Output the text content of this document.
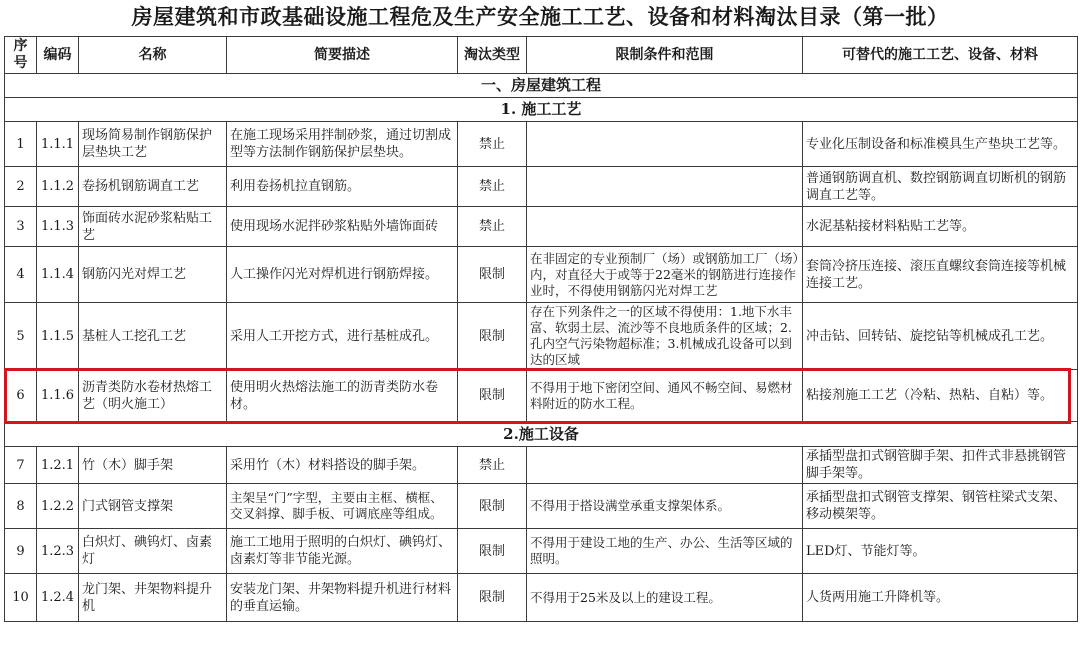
房屋建筑和市政基础设施工程危及生产安全施工工艺、设备和材料淘汰目录（第一批）
序号	编码	名称	简要描述	淘汰类型	限制条件和范围	可替代的施工工艺、设备、材料
一、房屋建筑工程						
1. 施工工艺						
1	1.1.1	现场简易制作钢筋保护层垫块工艺	在施工现场采用拌制砂浆，通过切割成型等方法制作钢筋保护层垫块。	禁止		专业化压制设备和标准模具生产垫块工艺等。
2	1.1.2	卷扬机钢筋调直工艺	利用卷扬机拉直钢筋。	禁止		普通钢筋调直机、数控钢筋调直切断机的钢筋调直工艺等。
3	1.1.3	饰面砖水泥砂浆粘贴工艺	使用现场水泥拌砂浆粘贴外墙饰面砖	禁止		水泥基粘接材料粘贴工艺等。
4	1.1.4	钢筋闪光对焊工艺	人工操作闪光对焊机进行钢筋焊接。	限制	在非固定的专业预制厂（场）或钢筋加工厂（场）内，对直径大于或等于22毫米的钢筋进行连接作业时，不得使用钢筋闪光对焊工艺	套筒冷挤压连接、滚压直螺纹套筒连接等机械连接工艺。
5	1.1.5	基桩人工挖孔工艺	采用人工开挖方式，进行基桩成孔。	限制	存在下列条件之一的区域不得使用：1.地下水丰富、软弱土层、流沙等不良地质条件的区域；2.孔内空气污染物超标准；3.机械成孔设备可以到达的区域	冲击钻、回转钻、旋挖钻等机械成孔工艺。
6	1.1.6	沥青类防水卷材热熔工艺（明火施工）	使用明火热熔法施工的沥青类防水卷材。	限制	不得用于地下密闭空间、通风不畅空间、易燃材料附近的防水工程。	粘接剂施工工艺（冷粘、热粘、自粘）等。
2.施工设备						
7	1.2.1	竹（木）脚手架	采用竹（木）材料搭设的脚手架。	禁止		承插型盘扣式钢管脚手架、扣件式非悬挑钢管脚手架等。
8	1.2.2	门式钢管支撑架	主架呈“门”字型，主要由主框、横框、交叉斜撑、脚手板、可调底座等组成。	限制	不得用于搭设满堂承重支撑架体系。	承插型盘扣式钢管支撑架、钢管柱梁式支架、移动模架等。
9	1.2.3	白炽灯、碘钨灯、卤素灯	施工工地用于照明的白炽灯、碘钨灯、卤素灯等非节能光源。	限制	不得用于建设工地的生产、办公、生活等区域的照明。	LED灯、节能灯等。
10	1.2.4	龙门架、井架物料提升机	安装龙门架、井架物料提升机进行材料的垂直运输。	限制	不得用于25米及以上的建设工程。	人货两用施工升降机等。
